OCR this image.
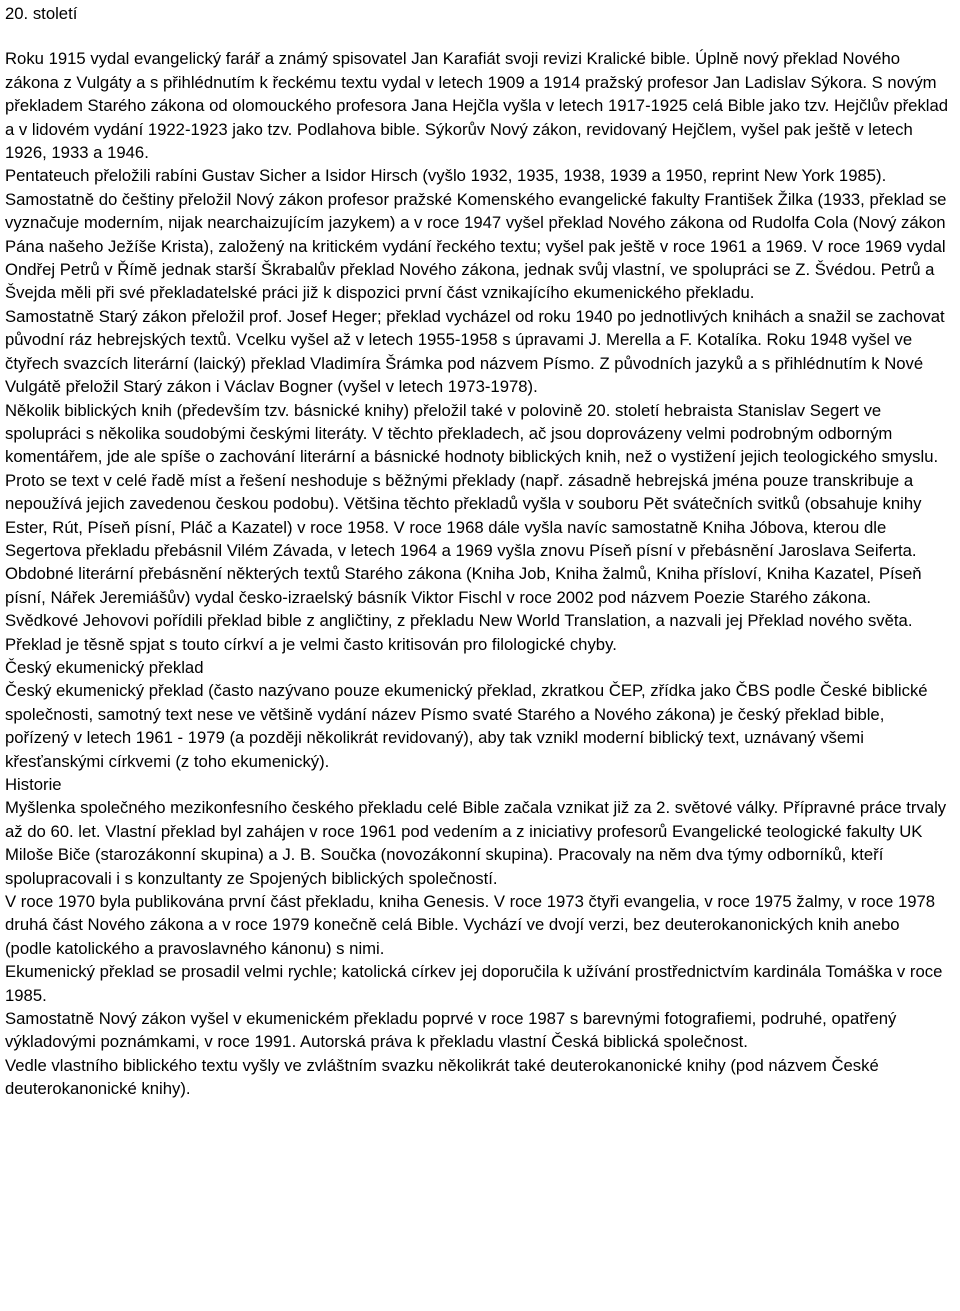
20. století

Roku 1915 vydal evangelický farář a známý spisovatel Jan Karafiát svoji revizi Kralické bible. Úplně nový překlad Nového zákona z Vulgáty a s přihlédnutím k řeckému textu vydal v letech 1909 a 1914 pražský profesor Jan Ladislav Sýkora. S novým překladem Starého zákona od olomouckého profesora Jana Hejčla vyšla v letech 1917-1925 celá Bible jako tzv. Hejčlův překlad a v lidovém vydání 1922-1923 jako tzv. Podlahova bible. Sýkorův Nový zákon, revidovaný Hejčlem, vyšel pak ještě v letech 1926, 1933 a 1946.

Pentateuch přeložili rabíni Gustav Sicher a Isidor Hirsch (vyšlo 1932, 1935, 1938, 1939 a 1950, reprint New York 1985).

Samostatně do češtiny přeložil Nový zákon profesor pražské Komenského evangelické fakulty František Žilka (1933, překlad se vyznačuje moderním, nijak nearchaizujícím jazykem) a v roce 1947 vyšel překlad Nového zákona od Rudolfa Cola (Nový zákon Pána našeho Ježíše Krista), založený na kritickém vydání řeckého textu; vyšel pak ještě v roce 1961 a 1969. V roce 1969 vydal Ondřej Petrů v Římě jednak starší Škrabalův překlad Nového zákona, jednak svůj vlastní, ve spolupráci se Z. Švédou. Petrů a Švejda měli při své překladatelské práci již k dispozici první část vznikajícího ekumenického překladu.

Samostatně Starý zákon přeložil prof. Josef Heger; překlad vycházel od roku 1940 po jednotlivých knihách a snažil se zachovat původní ráz hebrejských textů. Vcelku vyšel až v letech 1955-1958 s úpravami J. Merella a F. Kotalíka. Roku 1948 vyšel ve čtyřech svazcích literární (laický) překlad Vladimíra Šrámka pod názvem Písmo. Z původních jazyků a s přihlédnutím k Nové Vulgátě přeložil Starý zákon i Václav Bogner (vyšel v letech 1973-1978).

Několik biblických knih (především tzv. básnické knihy) přeložil také v polovině 20. století hebraista Stanislav Segert ve spolupráci s několika soudobými českými literáty. V těchto překladech, ač jsou doprovázeny velmi podrobným odborným komentářem, jde ale spíše o zachování literární a básnické hodnoty biblických knih, než o vystižení jejich teologického smyslu. Proto se text v celé řadě míst a řešení neshoduje s běžnými překlady (např. zásadně hebrejská jména pouze transkribuje a nepoužívá jejich zavedenou českou podobu). Většina těchto překladů vyšla v souboru Pět svátečních svitků (obsahuje knihy Ester, Rút, Píseň písní, Pláč a Kazatel) v roce 1958. V roce 1968 dále vyšla navíc samostatně Kniha Jóbova, kterou dle Segertova překladu přebásnil Vilém Závada, v letech 1964 a 1969 vyšla znovu Píseň písní v přebásnění Jaroslava Seiferta.

Obdobné literární přebásnění některých textů Starého zákona (Kniha Job, Kniha žalmů, Kniha přísloví, Kniha Kazatel, Píseň písní, Nářek Jeremiášův) vydal česko-izraelský básník Viktor Fischl v roce 2002 pod názvem Poezie Starého zákona.

Svědkové Jehovovi pořídili překlad bible z angličtiny, z překladu New World Translation, a nazvali jej Překlad nového světa. Překlad je těsně spjat s touto církví a je velmi často kritisován pro filologické chyby.

Český ekumenický překlad

Český ekumenický překlad (často nazývano pouze ekumenický překlad, zkratkou ČEP, zřídka jako ČBS podle České biblické společnosti, samotný text nese ve většině vydání název Písmo svaté Starého a Nového zákona) je český překlad bible, pořízený v letech 1961 - 1979 (a později několikrát revidovaný), aby tak vznikl moderní biblický text, uznávaný všemi křesťanskými církvemi (z toho ekumenický).

Historie

Myšlenka společného mezikonfesního českého překladu celé Bible začala vznikat již za 2. světové války. Přípravné práce trvaly až do 60. let. Vlastní překlad byl zahájen v roce 1961 pod vedením a z iniciativy profesorů Evangelické teologické fakulty UK Miloše Biče (starozákonní skupina) a J. B. Součka (novozákonní skupina). Pracovaly na něm dva týmy odborníků, kteří spolupracovali i s konzultanty ze Spojených biblických společností.

V roce 1970 byla publikována první část překladu, kniha Genesis. V roce 1973 čtyři evangelia, v roce 1975 žalmy, v roce 1978 druhá část Nového zákona a v roce 1979 konečně celá Bible. Vychází ve dvojí verzi, bez deuterokanonických knih anebo (podle katolického a pravoslavného kánonu) s nimi.

Ekumenický překlad se prosadil velmi rychle; katolická církev jej doporučila k užívání prostřednictvím kardinála Tomáška v roce 1985.

Samostatně Nový zákon vyšel v ekumenickém překladu poprvé v roce 1987 s barevnými fotografiemi, podruhé, opatřený výkladovými poznámkami, v roce 1991. Autorská práva k překladu vlastní Česká biblická společnost.

Vedle vlastního biblického textu vyšly ve zvláštním svazku několikrát také deuterokanonické knihy (pod názvem České deuterokanonické knihy).
